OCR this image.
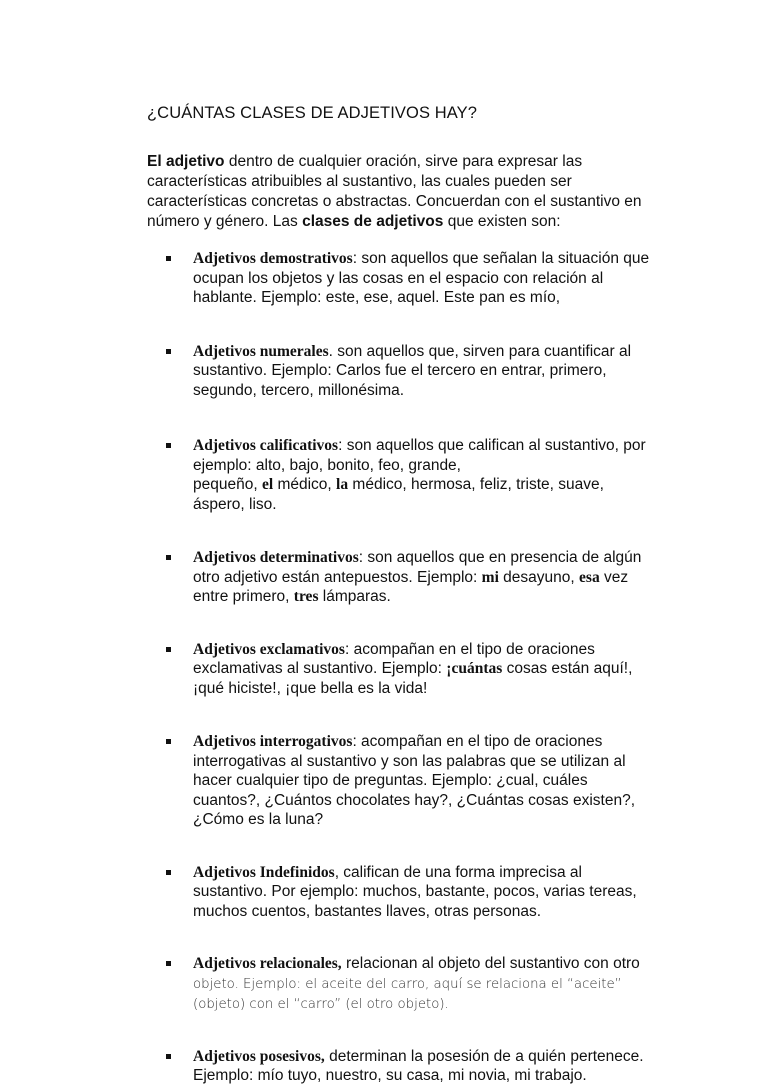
¿CUÁNTAS CLASES DE ADJETIVOS HAY?

El adjetivo dentro de cualquier oración, sirve para expresar las
características atribuibles al sustantivo, las cuales pueden ser
características concretas o abstractas. Concuerdan con el sustantivo en
número y género. Las clases de adjetivos que existen son:

Adjetivos demostrativos: son aquellos que señalan la situación que
ocupan los objetos y las cosas en el espacio con relación al
hablante. Ejemplo: este, ese, aquel. Este pan es mío,
Adjetivos numerales. son aquellos que, sirven para cuantificar al
sustantivo. Ejemplo: Carlos fue el tercero en entrar, primero,
segundo, tercero, millonésima.
Adjetivos calificativos: son aquellos que califican al sustantivo, por
ejemplo: alto, bajo, bonito, feo, grande,
pequeño, el médico, la médico, hermosa, feliz, triste, suave,
áspero, liso.
Adjetivos determinativos: son aquellos que en presencia de algún
otro adjetivo están antepuestos. Ejemplo: mi desayuno, esa vez
entre primero, tres lámparas.
Adjetivos exclamativos: acompañan en el tipo de oraciones
exclamativas al sustantivo. Ejemplo: ¡cuántas cosas están aquí!,
¡qué hiciste!, ¡que bella es la vida!
Adjetivos interrogativos: acompañan en el tipo de oraciones
interrogativas al sustantivo y son las palabras que se utilizan al
hacer cualquier tipo de preguntas. Ejemplo: ¿cual, cuáles
cuantos?, ¿Cuántos chocolates hay?, ¿Cuántas cosas existen?,
¿Cómo es la luna?
Adjetivos Indefinidos, califican de una forma imprecisa al
sustantivo. Por ejemplo: muchos, bastante, pocos, varias tereas,
muchos cuentos, bastantes llaves, otras personas.
Adjetivos relacionales, relacionan al objeto del sustantivo con otro
objeto. Ejemplo: el aceite del carro, aquí se relaciona el “aceite”
(objeto) con el “carro” (el otro objeto).
Adjetivos posesivos, determinan la posesión de a quién pertenece.
Ejemplo: mío tuyo, nuestro, su casa, mi novia, mi trabajo.
